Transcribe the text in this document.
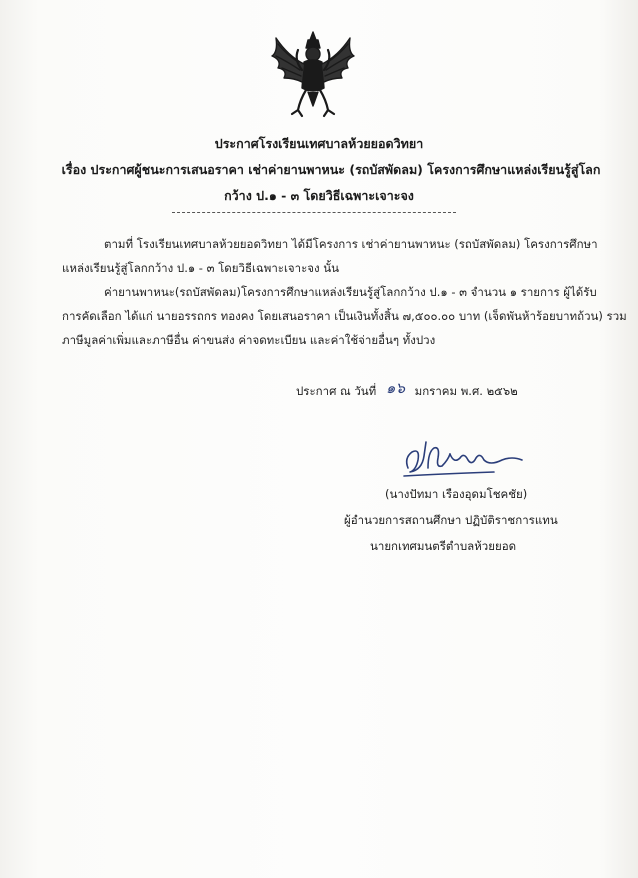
ประกาศโรงเรียนเทศบาลห้วยยอดวิทยา
เรื่อง ประกาศผู้ชนะการเสนอราคา เช่าค่ายานพาหนะ (รถบัสพัดลม) โครงการศึกษาแหล่งเรียนรู้สู่โลก
กว้าง ป.๑ - ๓ โดยวิธีเฉพาะเจาะจง
ตามที่ โรงเรียนเทศบาลห้วยยอดวิทยา ได้มีโครงการ เช่าค่ายานพาหนะ (รถบัสพัดลม) โครงการศึกษา
แหล่งเรียนรู้สู่โลกกว้าง ป.๑ - ๓ โดยวิธีเฉพาะเจาะจง นั้น
ค่ายานพาหนะ(รถบัสพัดลม)โครงการศึกษาแหล่งเรียนรู้สู่โลกกว้าง ป.๑ - ๓ จำนวน ๑ รายการ ผู้ได้รับ
การคัดเลือก ได้แก่ นายอรรถกร ทองคง โดยเสนอราคา เป็นเงินทั้งสิ้น ๗,๕๐๐.๐๐ บาท (เจ็ดพันห้าร้อยบาทถ้วน) รวม
ภาษีมูลค่าเพิ่มและภาษีอื่น ค่าขนส่ง ค่าจดทะเบียน และค่าใช้จ่ายอื่นๆ ทั้งปวง
ประกาศ ณ วันที่ ๑๖ มกราคม พ.ศ. ๒๕๖๒
(นางปัทมา เรืองอุดมโชคชัย)
ผู้อำนวยการสถานศึกษา ปฏิบัติราชการแทน
นายกเทศมนตรีตำบลห้วยยอด
